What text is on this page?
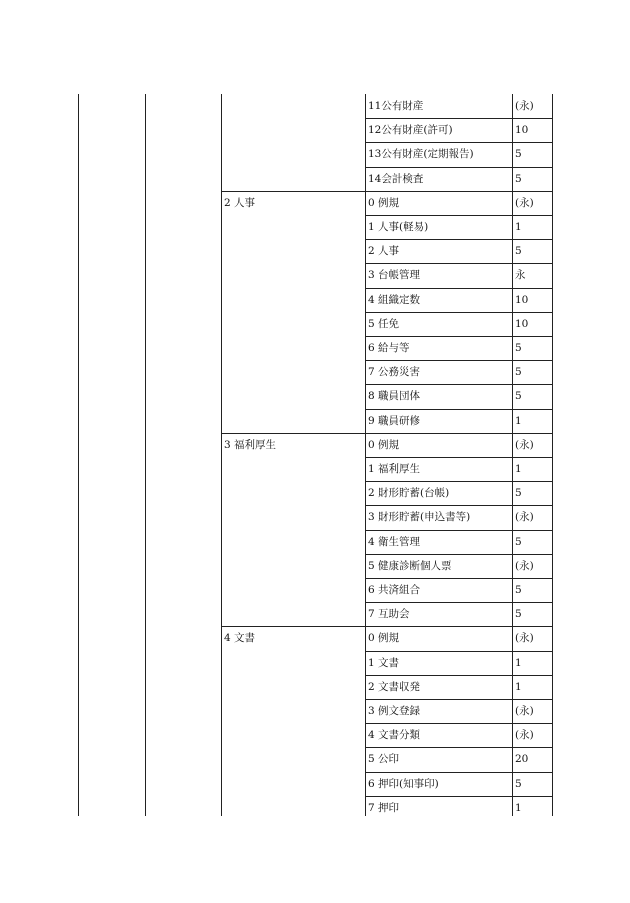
11公有財産	(永)
12公有財産(許可)	10
13公有財産(定期報告)	5
14会計検査	5
2 人事	0 例規	(永)
1 人事(軽易)	1
2 人事	5
3 台帳管理	永
4 組織定数	10
5 任免	10
6 給与等	5
7 公務災害	5
8 職員団体	5
9 職員研修	1
3 福利厚生	0 例規	(永)
1 福利厚生	1
2 財形貯蓄(台帳)	5
3 財形貯蓄(申込書等)	(永)
4 衛生管理	5
5 健康診断個人票	(永)
6 共済組合	5
7 互助会	5
4 文書	0 例規	(永)
1 文書	1
2 文書収発	1
3 例文登録	(永)
4 文書分類	(永)
5 公印	20
6 押印(知事印)	5
7 押印	1
